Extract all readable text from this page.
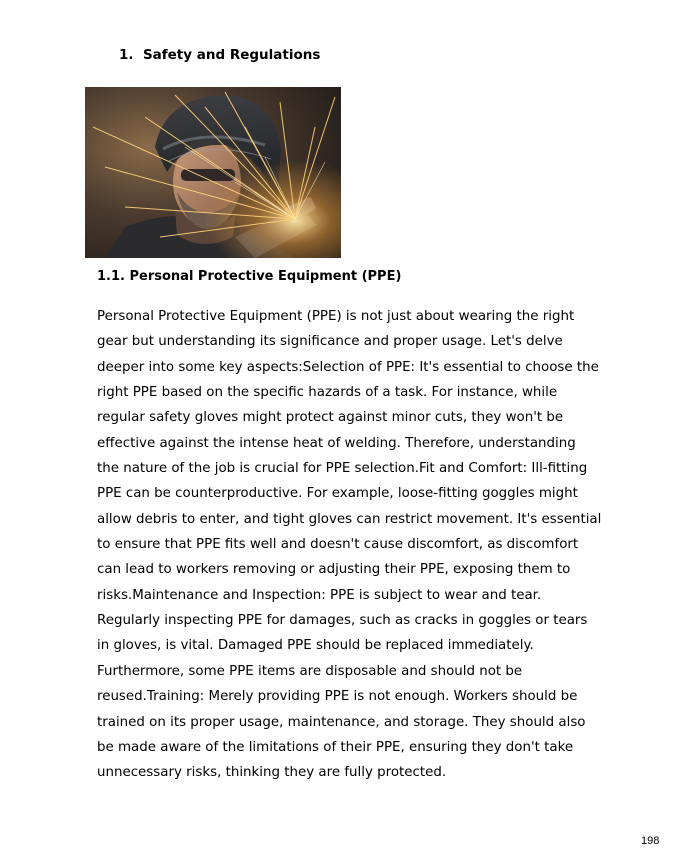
1. Safety and Regulations
1.1. Personal Protective Equipment (PPE)
Personal Protective Equipment (PPE) is not just about wearing the right
gear but understanding its significance and proper usage. Let's delve
deeper into some key aspects:Selection of PPE: It's essential to choose the
right PPE based on the specific hazards of a task. For instance, while
regular safety gloves might protect against minor cuts, they won't be
effective against the intense heat of welding. Therefore, understanding
the nature of the job is crucial for PPE selection.Fit and Comfort: Ill-fitting
PPE can be counterproductive. For example, loose-fitting goggles might
allow debris to enter, and tight gloves can restrict movement. It's essential
to ensure that PPE fits well and doesn't cause discomfort, as discomfort
can lead to workers removing or adjusting their PPE, exposing them to
risks.Maintenance and Inspection: PPE is subject to wear and tear.
Regularly inspecting PPE for damages, such as cracks in goggles or tears
in gloves, is vital. Damaged PPE should be replaced immediately.
Furthermore, some PPE items are disposable and should not be
reused.Training: Merely providing PPE is not enough. Workers should be
trained on its proper usage, maintenance, and storage. They should also
be made aware of the limitations of their PPE, ensuring they don't take
unnecessary risks, thinking they are fully protected.
198
